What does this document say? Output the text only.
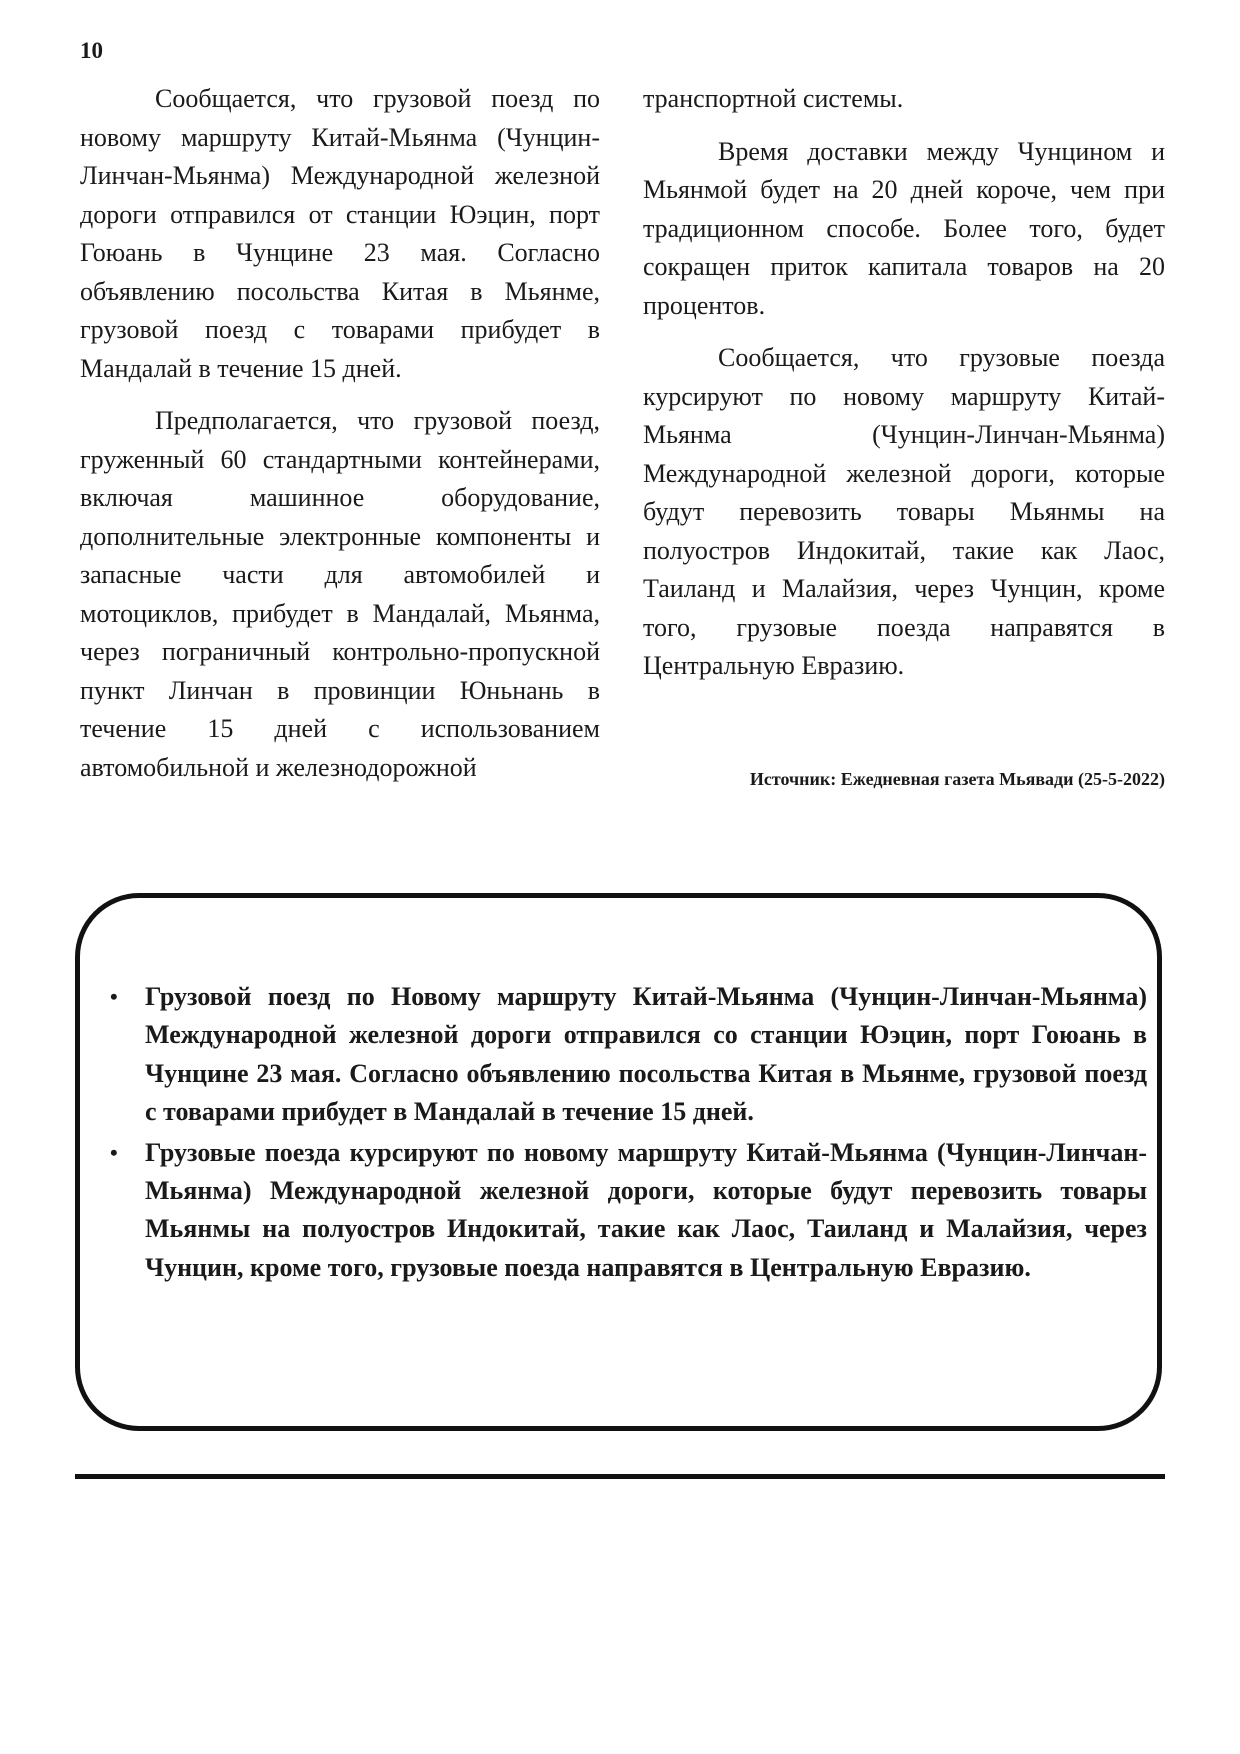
10

Сообщается, что грузовой поезд по новому маршруту Китай-Мьянма (Чунцин-Линчан-Мьянма) Международной железной дороги отправился от станции Юэцин, порт Гоюань в Чунцине 23 мая. Согласно объявлению посольства Китая в Мьянме, грузовой поезд с товарами прибудет в Мандалай в течение 15 дней.

Предполагается, что грузовой поезд, груженный 60 стандартными контейнерами, включая машинное оборудование, дополнительные электронные компоненты и запасные части для автомобилей и мотоциклов, прибудет в Мандалай, Мьянма, через пограничный контрольно-пропускной пункт Линчан в провинции Юньнань в течение 15 дней с использованием автомобильной и железнодорожной

транспортной системы.

Время доставки между Чунцином и Мьянмой будет на 20 дней короче, чем при традиционном способе. Более того, будет сокращен приток капитала товаров на 20 процентов.

Сообщается, что грузовые поезда курсируют по новому маршруту Китай-Мьянма (Чунцин-Линчан-Мьянма) Международной железной дороги, которые будут перевозить товары Мьянмы на полуостров Индокитай, такие как Лаос, Таиланд и Малайзия, через Чунцин, кроме того, грузовые поезда направятся в Центральную Евразию.

Источник: Ежедневная газета Мьявади (25-5-2022)
• Грузовой поезд по Новому маршруту Китай-Мьянма (Чунцин-Линчан-Мьянма) Международной железной дороги отправился со станции Юэцин, порт Гоюань в Чунцине 23 мая. Согласно объявлению посольства Китая в Мьянме, грузовой поезд с товарами прибудет в Мандалай в течение 15 дней.
• Грузовые поезда курсируют по новому маршруту Китай-Мьянма (Чунцин-Линчан-Мьянма) Международной железной дороги, которые будут перевозить товары Мьянмы на полуостров Индокитай, такие как Лаос, Таиланд и Малайзия, через Чунцин, кроме того, грузовые поезда направятся в Центральную Евразию.
